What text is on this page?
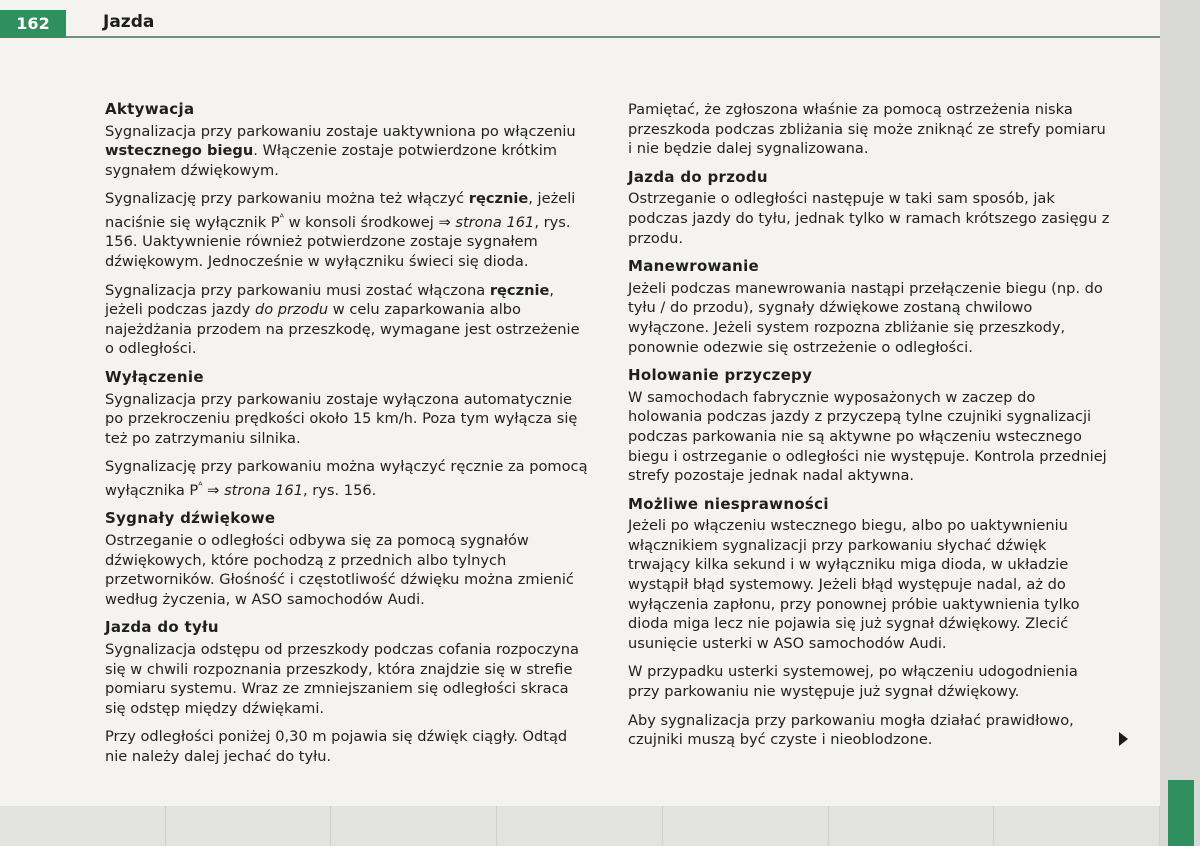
162	Jazda
Aktywacja

Sygnalizacja przy parkowaniu zostaje uaktywniona po włączeniu wstecznego biegu. Włączenie zostaje potwierdzone krótkim sygnałem dźwiękowym.

Sygnalizację przy parkowaniu można też włączyć ręcznie, jeżeli naciśnie się wyłącznik $P^ᴬ$ w konsoli środkowej ⇒ strona 161, rys. 156. Uaktywnienie również potwierdzone zostaje sygnałem dźwiękowym. Jednocześnie w wyłączniku świeci się dioda.

Sygnalizacja przy parkowaniu musi zostać włączona ręcznie, jeżeli podczas jazdy do przodu w celu zaparkowania albo najeżdżania przodem na przeszkodę, wymagane jest ostrzeżenie o odległości.

Wyłączenie

Sygnalizacja przy parkowaniu zostaje wyłączona automatycznie po przekroczeniu prędkości około 15 km/h. Poza tym wyłącza się też po zatrzymaniu silnika.

Sygnalizację przy parkowaniu można wyłączyć ręcznie za pomocą wyłącznika $P^ᴬ$ ⇒ strona 161, rys. 156.

Sygnały dźwiękowe

Ostrzeganie o odległości odbywa się za pomocą sygnałów dźwiękowych, które pochodzą z przednich albo tylnych przetworników. Głośność i częstotliwość dźwięku można zmienić według życzenia, w ASO samochodów Audi.

Jazda do tyłu

Sygnalizacja odstępu od przeszkody podczas cofania rozpoczyna się w chwili rozpoznania przeszkody, która znajdzie się w strefie pomiaru systemu. Wraz ze zmniejszaniem się odległości skraca się odstęp między dźwiękami.

Przy odległości poniżej 0,30 m pojawia się dźwięk ciągły. Odtąd nie należy dalej jechać do tyłu.

Pamiętać, że zgłoszona właśnie za pomocą ostrzeżenia niska przeszkoda podczas zbliżania się może zniknąć ze strefy pomiaru i nie będzie dalej sygnalizowana.

Jazda do przodu

Ostrzeganie o odległości następuje w taki sam sposób, jak podczas jazdy do tyłu, jednak tylko w ramach krótszego zasięgu z przodu.

Manewrowanie

Jeżeli podczas manewrowania nastąpi przełączenie biegu (np. do tyłu / do przodu), sygnały dźwiękowe zostaną chwilowo wyłączone. Jeżeli system rozpozna zbliżanie się przeszkody, ponownie odezwie się ostrzeżenie o odległości.

Holowanie przyczepy

W samochodach fabrycznie wyposażonych w zaczep do holowania podczas jazdy z przyczepą tylne czujniki sygnalizacji podczas parkowania nie są aktywne po włączeniu wstecznego biegu i ostrzeganie o odległości nie występuje. Kontrola przedniej strefy pozostaje jednak nadal aktywna.

Możliwe niesprawności

Jeżeli po włączeniu wstecznego biegu, albo po uaktywnieniu włącznikiem sygnalizacji przy parkowaniu słychać dźwięk trwający kilka sekund i w wyłączniku miga dioda, w układzie wystąpił błąd systemowy. Jeżeli błąd występuje nadal, aż do wyłączenia zapłonu, przy ponownej próbie uaktywnienia tylko dioda miga lecz nie pojawia się już sygnał dźwiękowy. Zlecić usunięcie usterki w ASO samochodów Audi.

W przypadku usterki systemowej, po włączeniu udogodnienia przy parkowaniu nie występuje już sygnał dźwiękowy.

Aby sygnalizacja przy parkowaniu mogła działać prawidłowo, czujniki muszą być czyste i nieoblodzone.
